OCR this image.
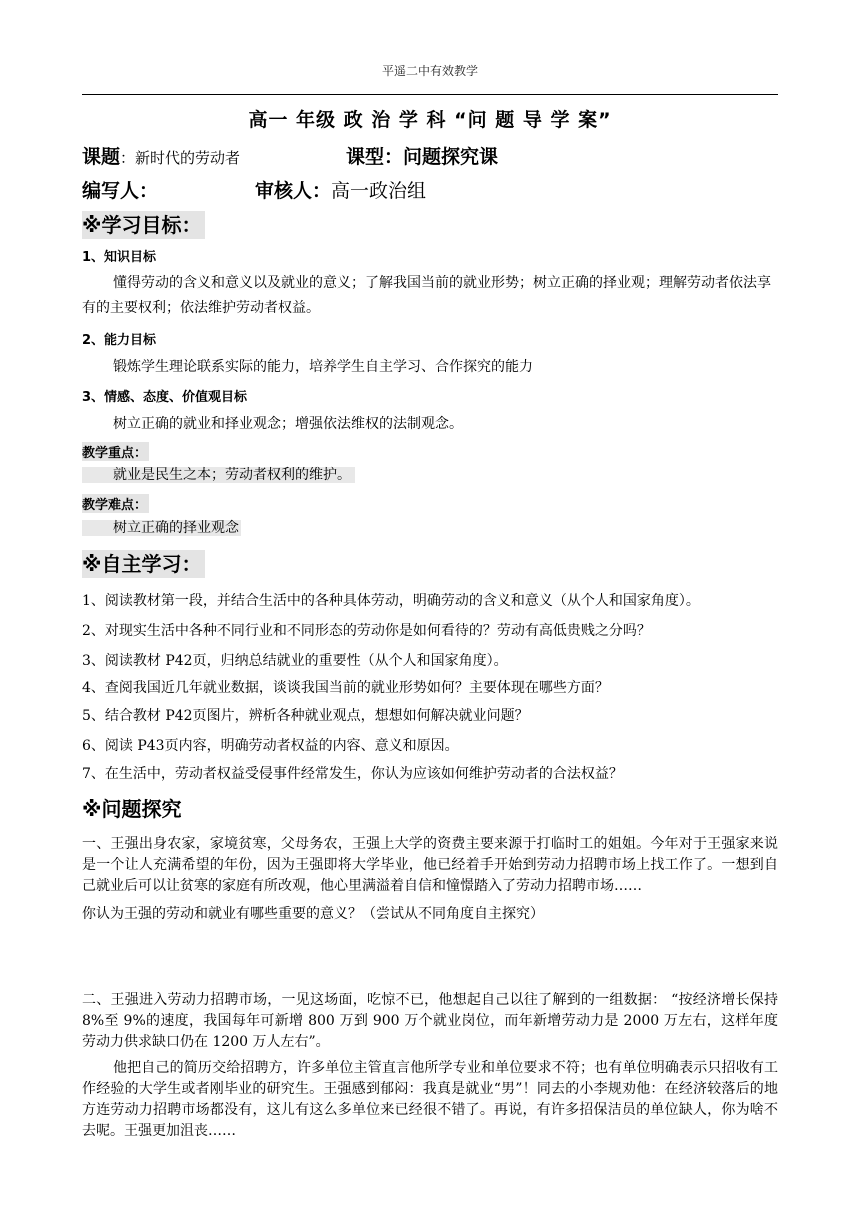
平遥二中有效教学
高一 年级 政 治 学 科 “问 题 导 学 案”
课题：新时代的劳动者	课型：问题探究课
编写人：	审核人：高一政治组
※学习目标：
1、知识目标
懂得劳动的含义和意义以及就业的意义；了解我国当前的就业形势；树立正确的择业观；理解劳动者依法享有的主要权利；依法维护劳动者权益。
2、能力目标
锻炼学生理论联系实际的能力，培养学生自主学习、合作探究的能力
3、情感、态度、价值观目标
树立正确的就业和择业观念；增强依法维权的法制观念。
教学重点：
就业是民生之本；劳动者权利的维护。
教学难点：
树立正确的择业观念
※自主学习：
1、阅读教材第一段，并结合生活中的各种具体劳动，明确劳动的含义和意义（从个人和国家角度）。
2、对现实生活中各种不同行业和不同形态的劳动你是如何看待的？劳动有高低贵贱之分吗？
3、阅读教材 P42页，归纳总结就业的重要性（从个人和国家角度）。
4、查阅我国近几年就业数据，谈谈我国当前的就业形势如何？主要体现在哪些方面？
5、结合教材 P42页图片，辨析各种就业观点，想想如何解决就业问题？
6、阅读 P43页内容，明确劳动者权益的内容、意义和原因。
7、在生活中，劳动者权益受侵事件经常发生，你认为应该如何维护劳动者的合法权益？
※问题探究
一、王强出身农家，家境贫寒，父母务农，王强上大学的资费主要来源于打临时工的姐姐。今年对于王强家来说是一个让人充满希望的年份，因为王强即将大学毕业，他已经着手开始到劳动力招聘市场上找工作了。一想到自己就业后可以让贫寒的家庭有所改观，他心里满溢着自信和憧憬踏入了劳动力招聘市场……
你认为王强的劳动和就业有哪些重要的意义？（尝试从不同角度自主探究）
二、王强进入劳动力招聘市场，一见这场面，吃惊不已，他想起自己以往了解到的一组数据： “按经济增长保持 8%至 9%的速度，我国每年可新增 800 万到 900 万个就业岗位，而年新增劳动力是 2000 万左右，这样年度劳动力供求缺口仍在 1200 万人左右”。
他把自己的简历交给招聘方，许多单位主管直言他所学专业和单位要求不符；也有单位明确表示只招收有工作经验的大学生或者刚毕业的研究生。王强感到郁闷：我真是就业“男”！同去的小李规劝他：在经济较落后的地方连劳动力招聘市场都没有，这儿有这么多单位来已经很不错了。再说，有许多招保洁员的单位缺人，你为啥不去呢。王强更加沮丧……
